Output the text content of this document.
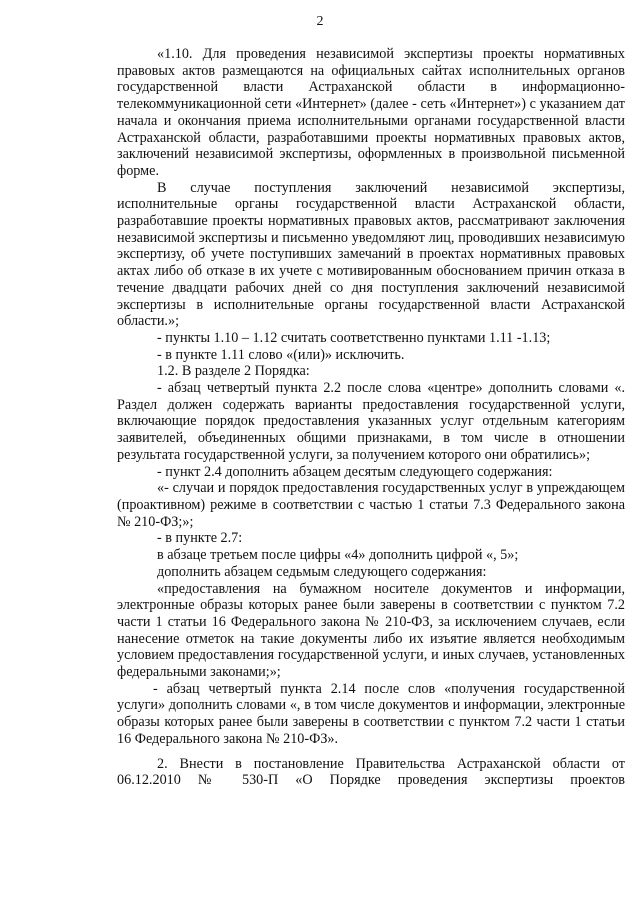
2

«1.10. Для проведения независимой экспертизы проекты нормативных правовых актов размещаются на официальных сайтах исполнительных органов государственной власти Астраханской области в информационно-телекоммуникационной сети «Интернет» (далее - сеть «Интернет») с указанием дат начала и окончания приема исполнительными органами государственной власти Астраханской области, разработавшими проекты нормативных правовых актов, заключений независимой экспертизы, оформленных в произвольной письменной форме.

В случае поступления заключений независимой экспертизы, исполнительные органы государственной власти Астраханской области, разработавшие проекты нормативных правовых актов, рассматривают заключения независимой экспертизы и письменно уведомляют лиц, проводивших независимую экспертизу, об учете поступивших замечаний в проектах нормативных правовых актах либо об отказе в их учете с мотивированным обоснованием причин отказа в течение двадцати рабочих дней со дня поступления заключений независимой экспертизы в исполнительные органы государственной власти Астраханской области.»;

- пункты 1.10 – 1.12 считать соответственно пунктами 1.11 -1.13;

- в пункте 1.11 слово «(или)» исключить.

1.2. В разделе 2 Порядка:

- абзац четвертый пункта 2.2 после слова «центре» дополнить словами «. Раздел должен содержать варианты предоставления государственной услуги, включающие порядок предоставления указанных услуг отдельным категориям заявителей, объединенных общими признаками, в том числе в отношении результата государственной услуги, за получением которого они обратились»;

- пункт 2.4 дополнить абзацем десятым следующего содержания:

«- случаи и порядок предоставления государственных услуг в упреждающем (проактивном) режиме в соответствии с частью 1 статьи 7.3 Федерального закона № 210-ФЗ;»;

- в пункте 2.7:

в абзаце третьем после цифры «4» дополнить цифрой «, 5»;

дополнить абзацем седьмым следующего содержания:

«предоставления на бумажном носителе документов и информации, электронные образы которых ранее были заверены в соответствии с пунктом 7.2 части 1 статьи 16 Федерального закона № 210-ФЗ, за исключением случаев, если нанесение отметок на такие документы либо их изъятие является необходимым условием предоставления государственной услуги, и иных случаев, установленных федеральными законами;»;

- абзац четвертый пункта 2.14 после слов «получения государственной услуги» дополнить словами «, в том числе документов и информации, электронные образы которых ранее были заверены в соответствии с пунктом 7.2 части 1 статьи 16 Федерального закона № 210-ФЗ».

2. Внести в постановление Правительства Астраханской области от 06.12.2010 № 530-П «О Порядке проведения экспертизы проектов
